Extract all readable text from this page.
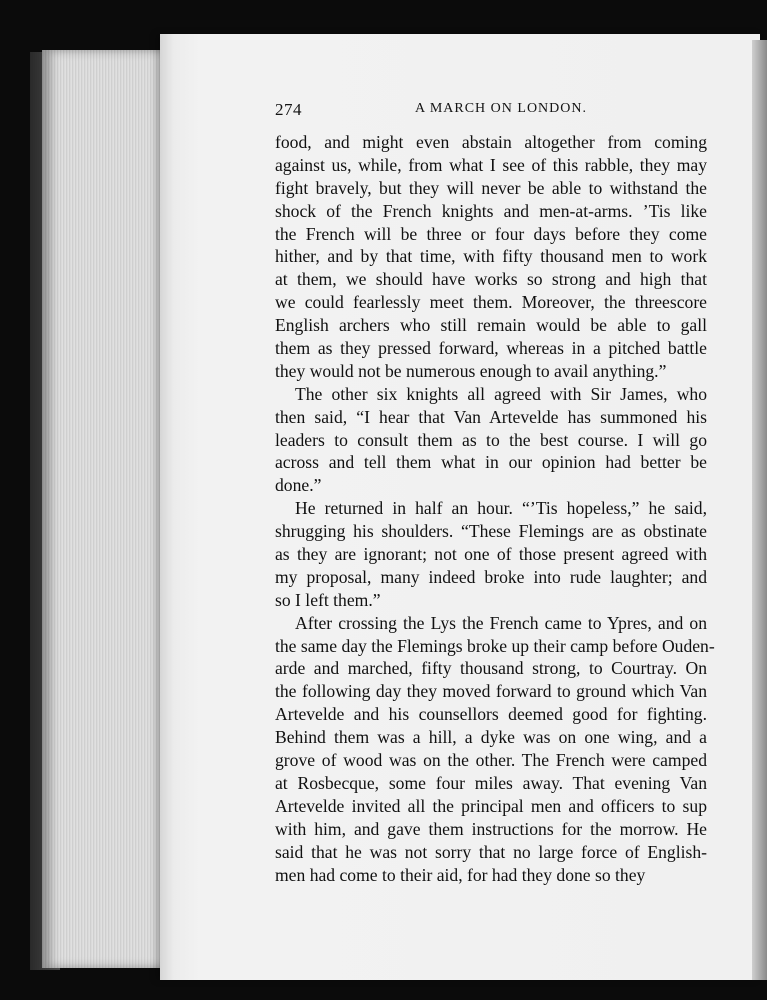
274	A MARCH ON LONDON.
food, and might even abstain altogether from coming
against us, while, from what I see of this rabble, they may
fight bravely, but they will never be able to withstand the
shock of the French knights and men-at-arms. ’Tis like
the French will be three or four days before they come
hither, and by that time, with fifty thousand men to work
at them, we should have works so strong and high that
we could fearlessly meet them. Moreover, the threescore
English archers who still remain would be able to gall
them as they pressed forward, whereas in a pitched battle
they would not be numerous enough to avail anything.”
The other six knights all agreed with Sir James, who
then said, “I hear that Van Artevelde has summoned his
leaders to consult them as to the best course. I will go
across and tell them what in our opinion had better be
done.”
He returned in half an hour. “’Tis hopeless,” he said,
shrugging his shoulders. “These Flemings are as obstinate
as they are ignorant; not one of those present agreed with
my proposal, many indeed broke into rude laughter; and
so I left them.”
After crossing the Lys the French came to Ypres, and on
the same day the Flemings broke up their camp before Ouden-
arde and marched, fifty thousand strong, to Courtray. On
the following day they moved forward to ground which Van
Artevelde and his counsellors deemed good for fighting.
Behind them was a hill, a dyke was on one wing, and a
grove of wood was on the other. The French were camped
at Rosbecque, some four miles away. That evening Van
Artevelde invited all the principal men and officers to sup
with him, and gave them instructions for the morrow. He
said that he was not sorry that no large force of English-
men had come to their aid, for had they done so they
